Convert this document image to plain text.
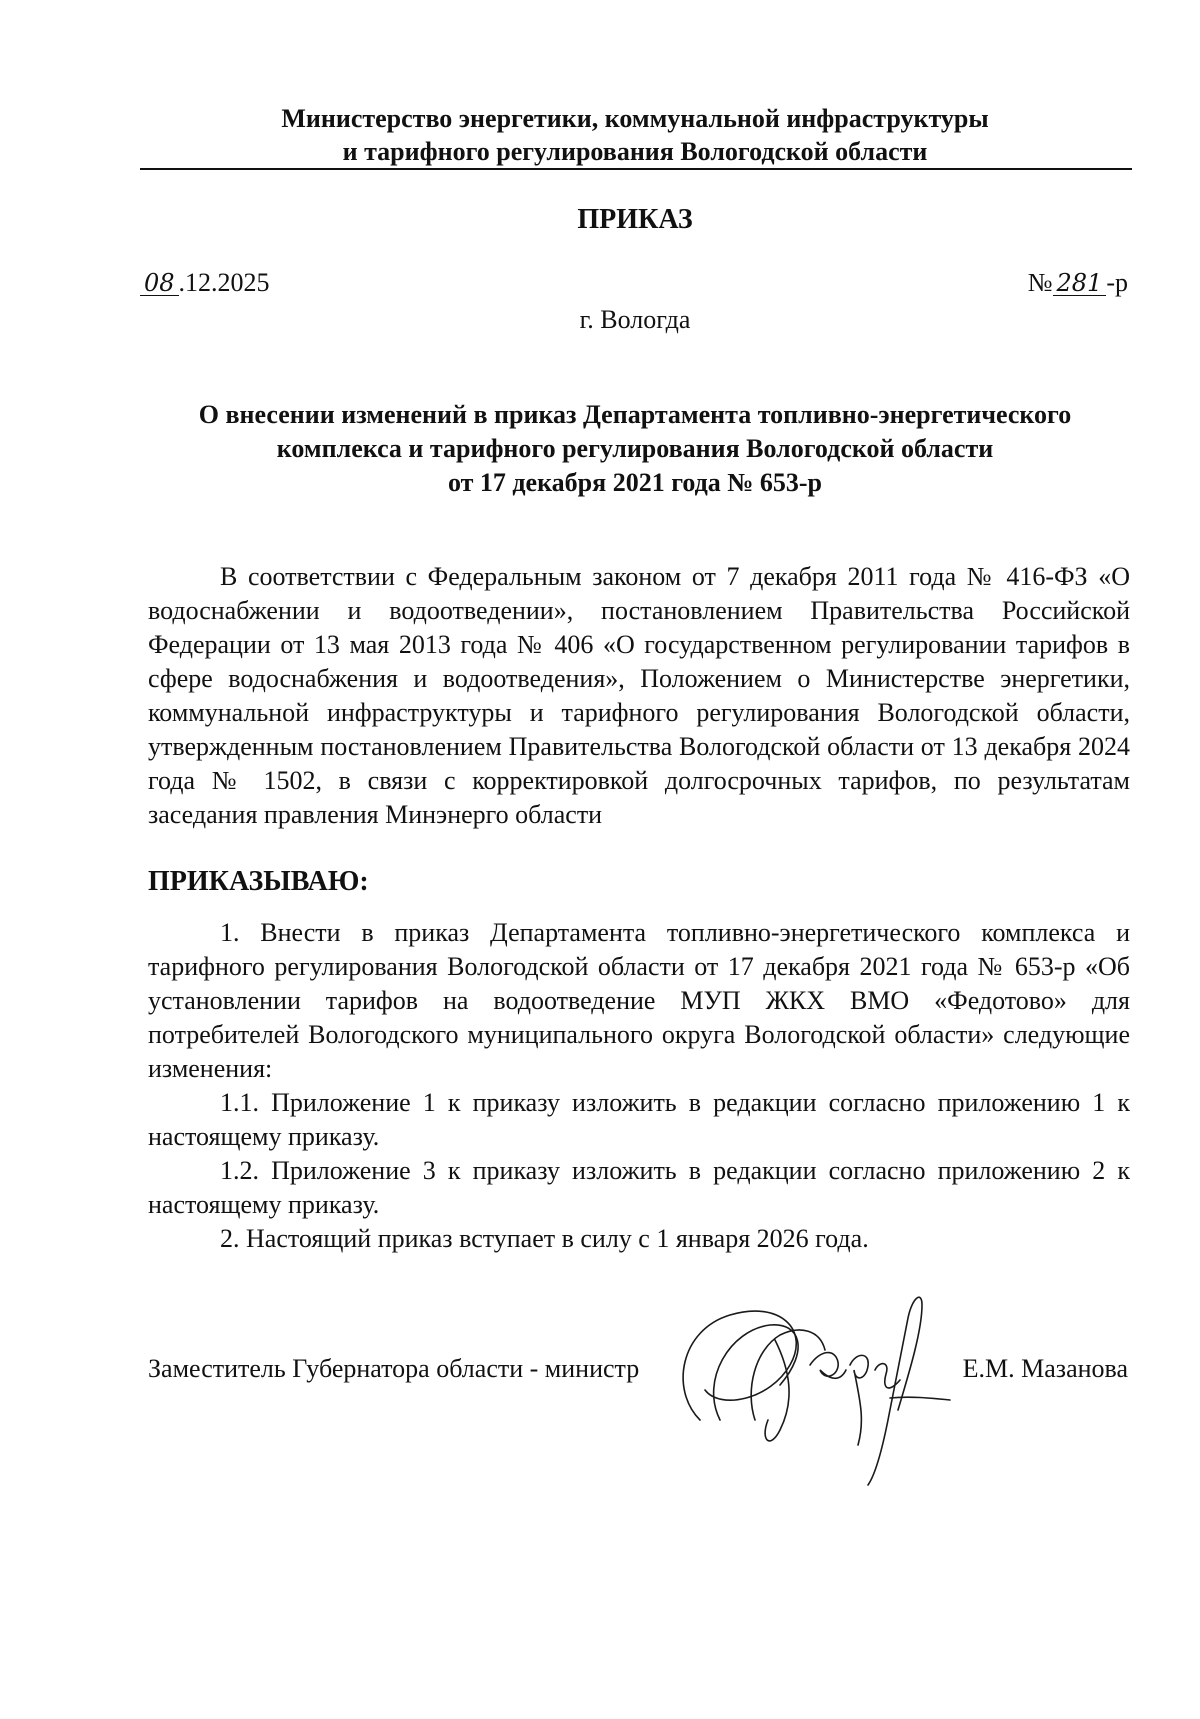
Министерство энергетики, коммунальной инфраструктуры
и тарифного регулирования Вологодской области
ПРИКАЗ
08 .12.2025	№ 281 -р
г. Вологда
О внесении изменений в приказ Департамента топливно-энергетического
комплекса и тарифного регулирования Вологодской области
от 17 декабря 2021 года № 653-р
В соответствии с Федеральным законом от 7 декабря 2011 года № 416-ФЗ «О водоснабжении и водоотведении», постановлением Правительства Российской Федерации от 13 мая 2013 года № 406 «О государственном регулировании тарифов в сфере водоснабжения и водоотведения», Положением о Министерстве энергетики, коммунальной инфраструктуры и тарифного регулирования Вологодской области, утвержденным постановлением Правительства Вологодской области от 13 декабря 2024 года № 1502, в связи с корректировкой долгосрочных тарифов, по результатам заседания правления Минэнерго области
ПРИКАЗЫВАЮ:

1. Внести в приказ Департамента топливно-энергетического комплекса и тарифного регулирования Вологодской области от 17 декабря 2021 года № 653-р «Об установлении тарифов на водоотведение МУП ЖКХ ВМО «Федотово» для потребителей Вологодского муниципального округа Вологодской области» следующие изменения:

1.1. Приложение 1 к приказу изложить в редакции согласно приложению 1 к настоящему приказу.

1.2. Приложение 3 к приказу изложить в редакции согласно приложению 2 к настоящему приказу.

2. Настоящий приказ вступает в силу с 1 января 2026 года.

Заместитель Губернатора области - министр	Е.М. Мазанова
